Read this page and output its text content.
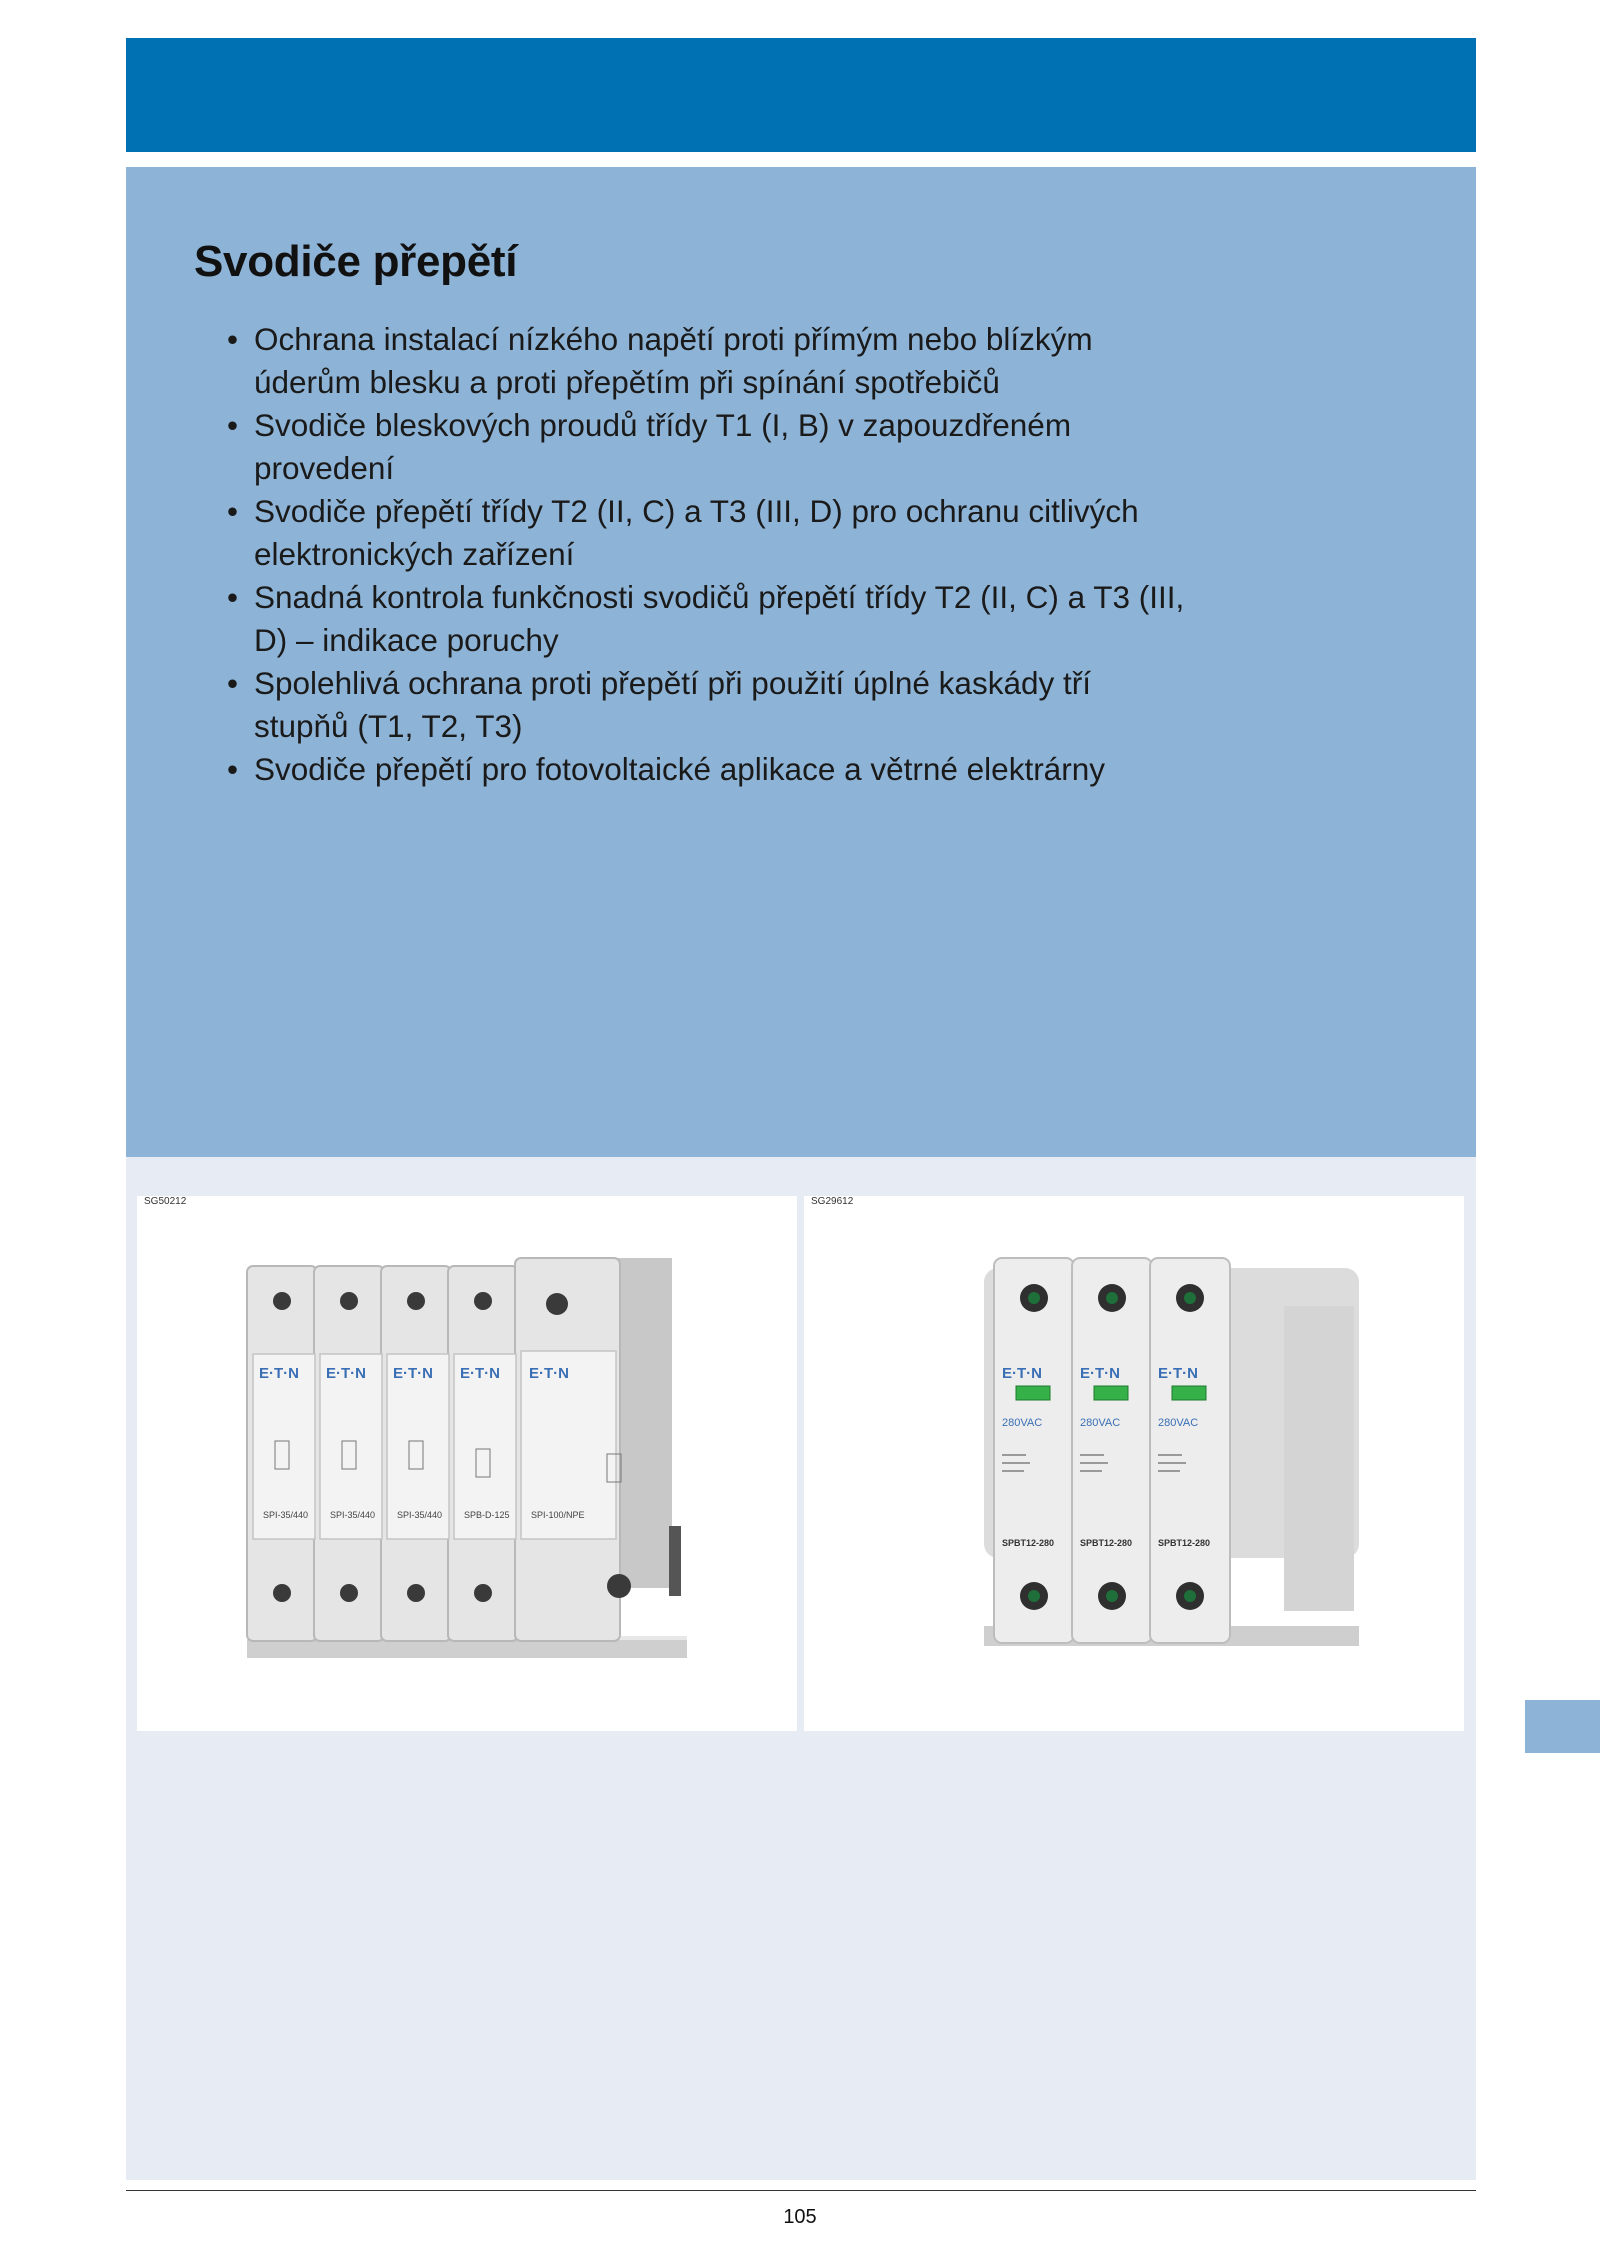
Svodiče přepětí
• Ochrana instalací nízkého napětí proti přímým nebo blízkým úderům blesku a proti přepětím při spínání spotřebičů
• Svodiče bleskových proudů třídy T1 (I, B) v zapouzdřeném provedení
• Svodiče přepětí třídy T2 (II, C) a T3 (III, D) pro ochranu citlivých elektronických zařízení
• Snadná kontrola funkčnosti svodičů přepětí třídy T2 (II, C) a T3 (III, D) – indikace poruchy
• Spolehlivá ochrana proti přepětí při použití úplné kaskády tří stupňů (T1, T2, T3)
• Svodiče přepětí pro fotovoltaické aplikace a větrné elektrárny
E·T·N E·T·N E·T·N E·T·N E·T·N
SPI-35/440 SPI-35/440 SPI-35/440 SPB-D-125 SPI-100/NPE
SG50212
E·T·N	E·T·N	E·T·N
280VAC	280VAC	280VAC
SPBT12-280	SPBT12-280	SPBT12-280
SG29612
105
